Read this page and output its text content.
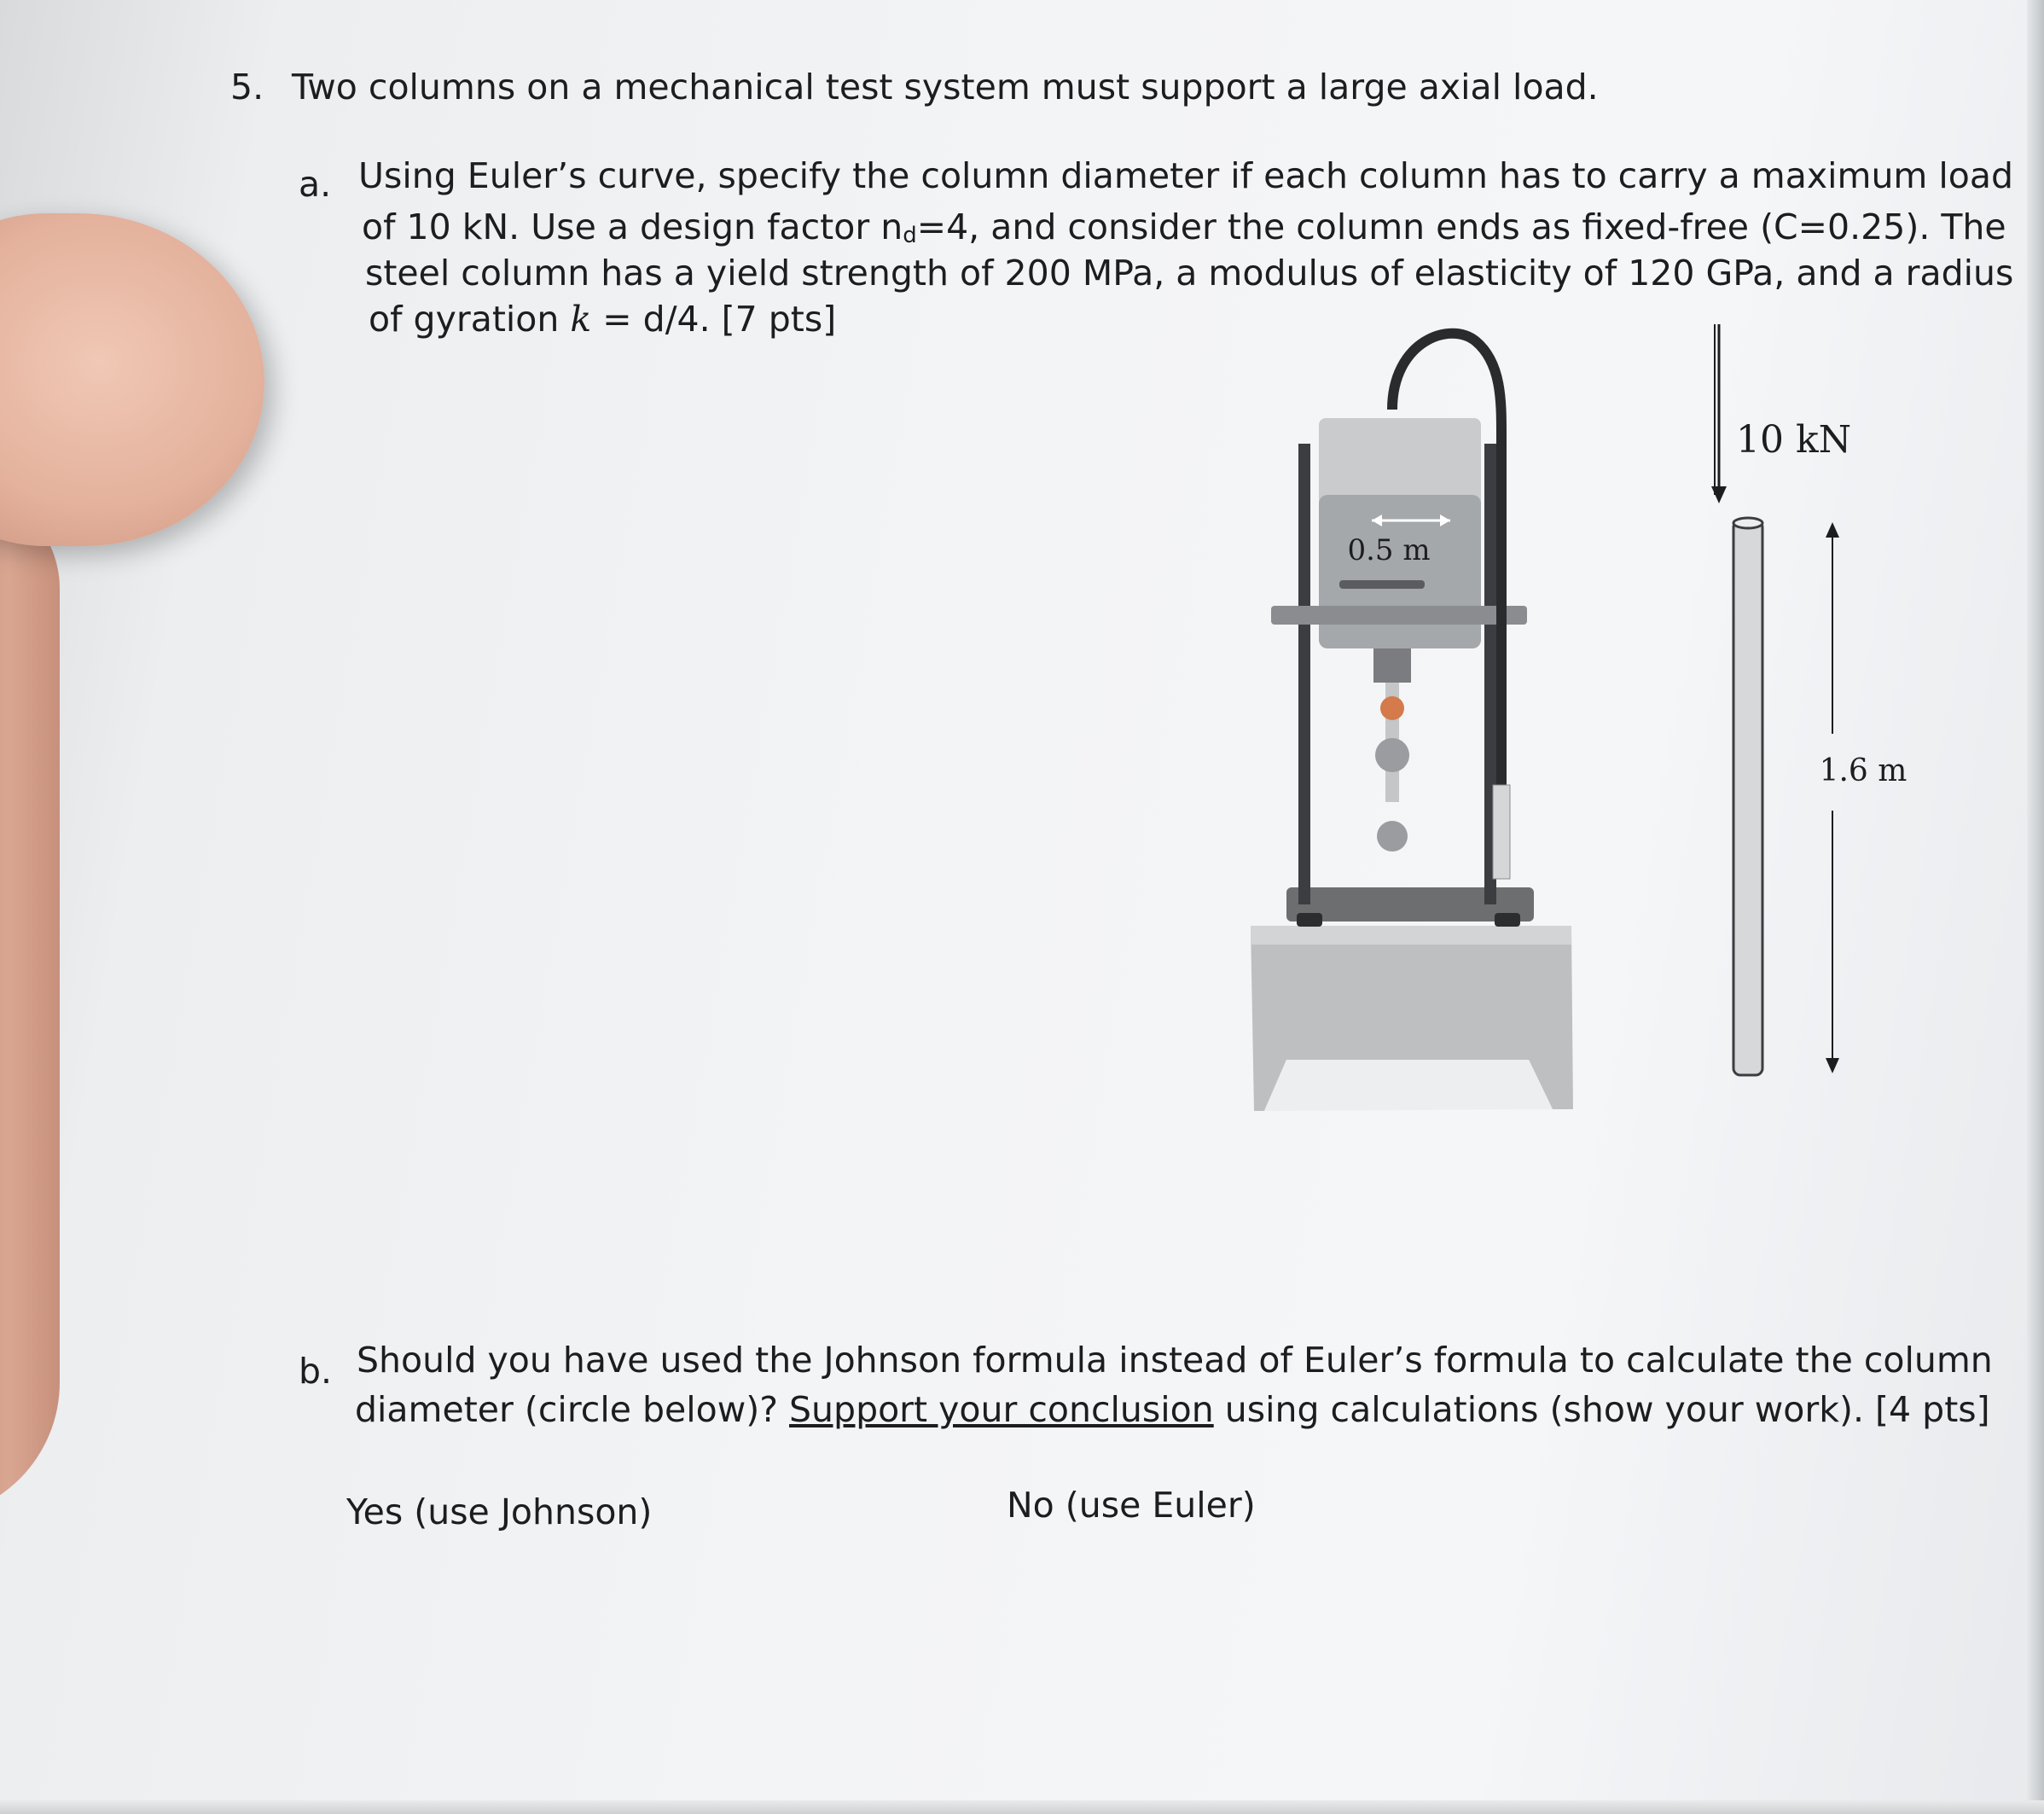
5. Two columns on a mechanical test system must support a large axial load.
a. Using Euler’s curve, specify the column diameter if each column has to carry a maximum load
of 10 kN. Use a design factor nd=4, and consider the column ends as fixed-free (C=0.25). The
steel column has a yield strength of 200 MPa, a modulus of elasticity of 120 GPa, and a radius
of gyration k = d/4. [7 pts]
0.5 m
10 kN
1.6 m
b. Should you have used the Johnson formula instead of Euler’s formula to calculate the column
diameter (circle below)? Support your conclusion using calculations (show your work). [4 pts]
Yes (use Johnson)	No (use Euler)
